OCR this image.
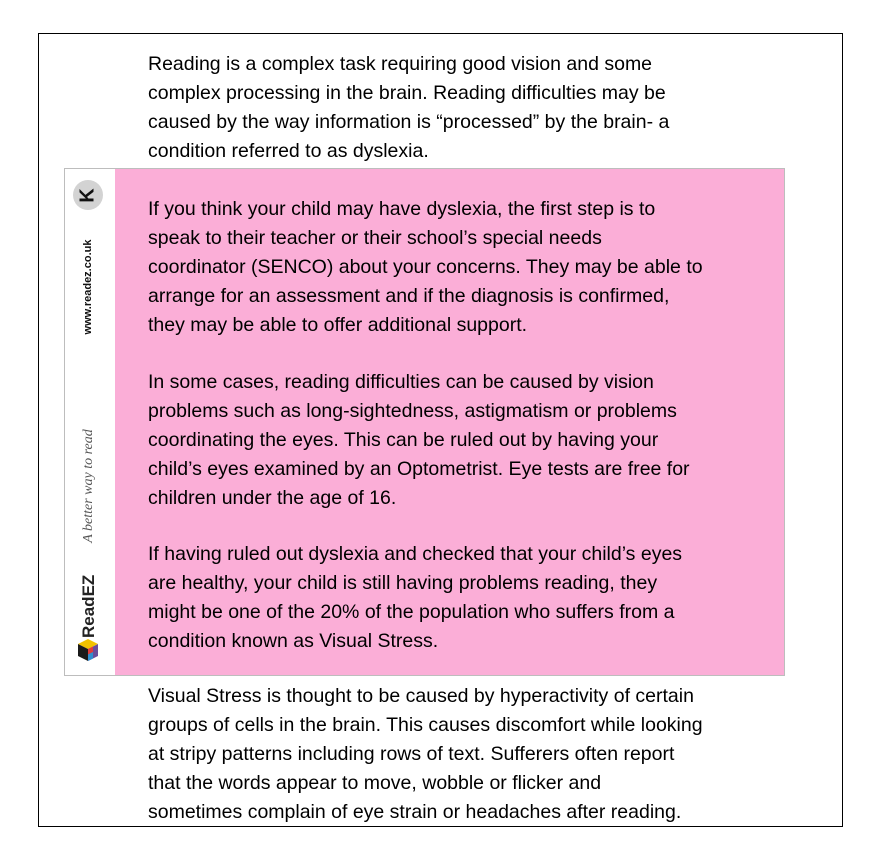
Reading is a complex task requiring good vision and some
complex processing in the brain. Reading difficulties may be
caused by the way information is “processed” by the brain- a
condition referred to as dyslexia.

K
www.readez.co.uk
A better way to read
ReadEZ

If you think your child may have dyslexia, the first step is to
speak to their teacher or their school’s special needs
coordinator (SENCO) about your concerns. They may be able to
arrange for an assessment and if the diagnosis is confirmed,
they may be able to offer additional support.

In some cases, reading difficulties can be caused by vision
problems such as long-sightedness, astigmatism or problems
coordinating the eyes. This can be ruled out by having your
child’s eyes examined by an Optometrist. Eye tests are free for
children under the age of 16.

If having ruled out dyslexia and checked that your child’s eyes
are healthy, your child is still having problems reading, they
might be one of the 20% of the population who suffers from a
condition known as Visual Stress.

Visual Stress is thought to be caused by hyperactivity of certain
groups of cells in the brain. This causes discomfort while looking
at stripy patterns including rows of text. Sufferers often report
that the words appear to move, wobble or flicker and
sometimes complain of eye strain or headaches after reading.
